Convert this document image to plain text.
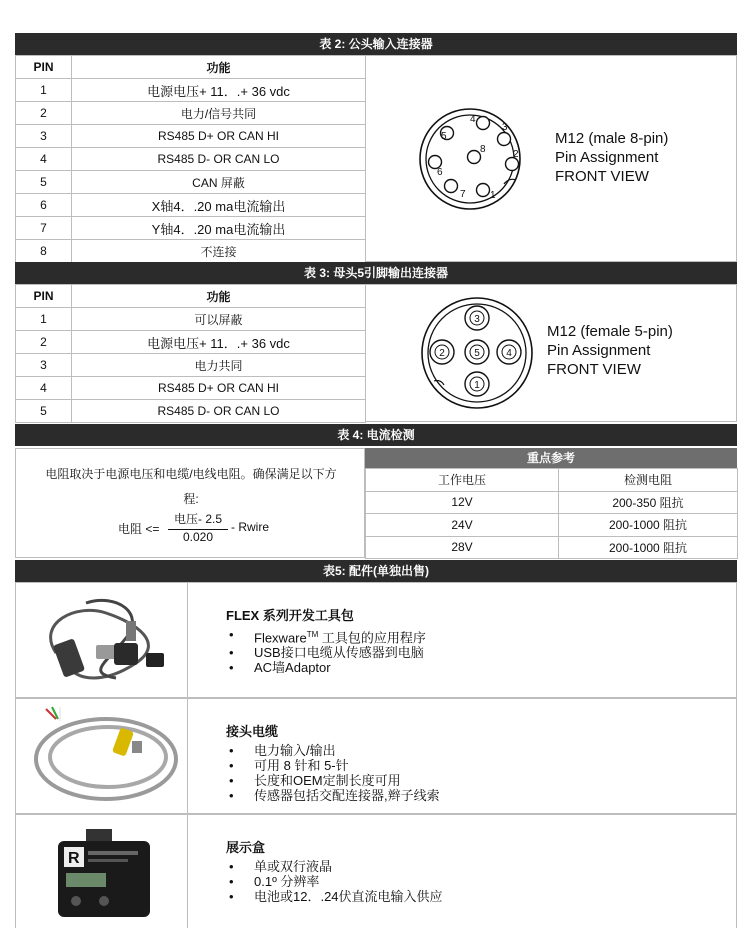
表 2: 公头输入连接器
PIN	功能
1	电源电压+ 11．.+ 36 vdc
2	电力/信号共同
3	RS485 D+ OR CAN HI
4	RS485 D- OR CAN LO
5	CAN 屏蔽
6	X轴4．.20 ma电流输出
7	Y轴4．.20 ma电流输出
8	不连接
1
2
3
4
5
6
7
8
M12 (male 8-pin)
Pin Assignment
FRONT VIEW
表 3: 母头5引脚输出连接器
PIN	功能
1	可以屏蔽
2	电源电压+ 11．.+ 36 vdc
3	电力共同
4	RS485 D+ OR CAN HI
5	RS485 D- OR CAN LO
1
2
3
4
5
M12 (female 5-pin)
Pin Assignment
FRONT VIEW
表 4: 电流检测
电阻取决于电源电压和电缆/电线电阻。确保满足以下方
程:
电阻 <=
电压- 2.5
0.020
- Rwire
重点参考
工作电压	检测电阻
12V	200-350 阻抗
24V	200-1000 阻抗
28V	200-1000 阻抗
表5: 配件(单独出售)
FLEX 系列开发工具包
• Flexware™ 工具包的应用程序
• USB接口电缆从传感器到电脑
• AC墙Adaptor
接头电缆
• 电力输入/输出
• 可用 8 针和 5-针
• 长度和OEM定制长度可用
• 传感器包括交配连接器,辫子线索
R
展示盒
• 单或双行液晶
• 0.1º 分辨率
• 电池或12．.24伏直流电输入供应
